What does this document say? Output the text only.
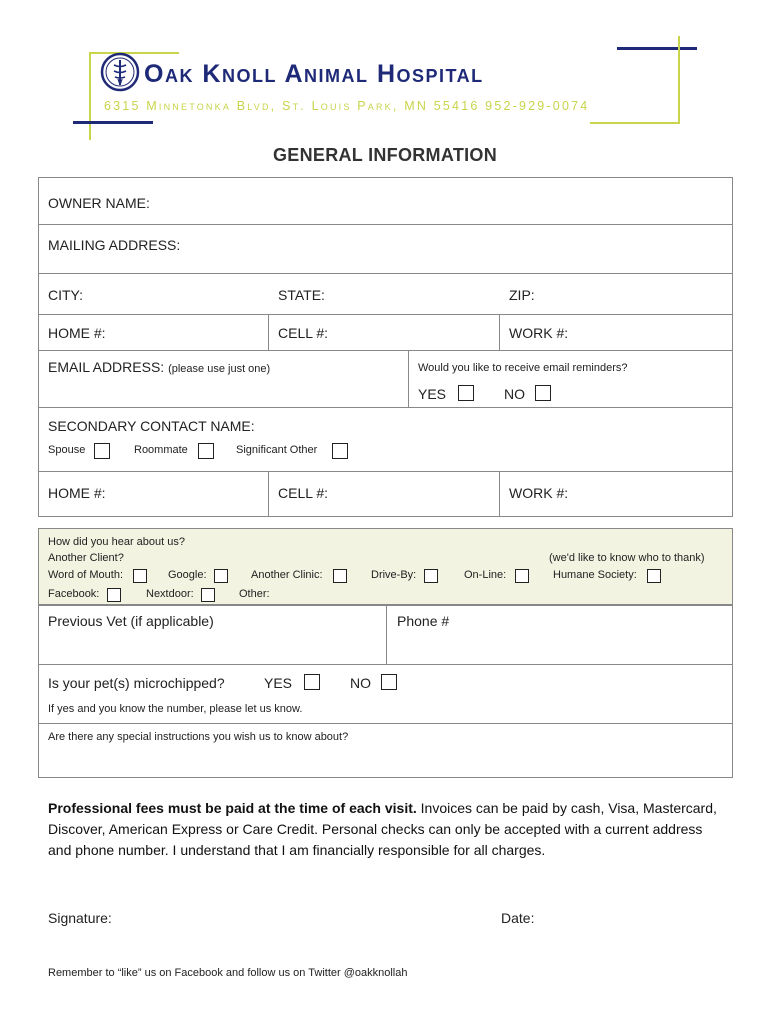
V Oak Knoll Animal Hospital
6315 Minnetonka Blvd, St. Louis Park, MN 55416 952-929-0074
GENERAL INFORMATION
OWNER NAME:
MAILING ADDRESS:
CITY:	STATE:	ZIP:
HOME #:	CELL #:	WORK #:
EMAIL ADDRESS: (please use just one)	Would you like to receive email reminders?
YES	NO
SECONDARY CONTACT NAME:
Spouse	Roommate	Significant Other
HOME #:	CELL #:	WORK #:
How did you hear about us?
Another Client?	(we'd like to know who to thank)
Word of Mouth:	Google:	Another Clinic:	Drive-By:	On-Line:	Humane Society:
Facebook:	Nextdoor:	Other:
Previous Vet (if applicable)	Phone #
Is your pet(s) microchipped?	YES	NO
If yes and you know the number, please let us know.
Are there any special instructions you wish us to know about?
Professional fees must be paid at the time of each visit. Invoices can be paid by cash, Visa, Mastercard, Discover, American Express or Care Credit. Personal checks can only be accepted with a current address and phone number. I understand that I am financially responsible for all charges.
Signature:	Date:
Remember to “like” us on Facebook and follow us on Twitter @oakknollah
